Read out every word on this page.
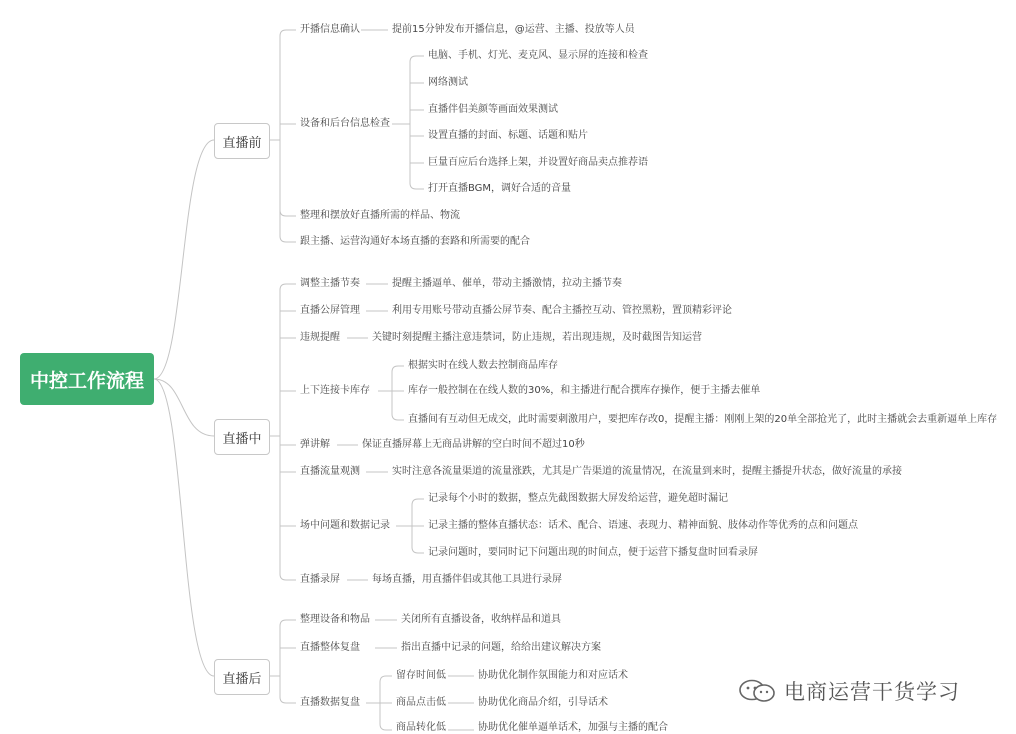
中控工作流程
直播前
直播中
直播后
开播信息确认	提前15分钟发布开播信息，@运营、主播、投放等人员
设备和后台信息检查
电脑、手机、灯光、麦克风、显示屏的连接和检查
网络测试
直播伴侣美颜等画面效果测试
设置直播的封面、标题、话题和贴片
巨量百应后台选择上架，并设置好商品卖点推荐语
打开直播BGM，调好合适的音量
整理和摆放好直播所需的样品、物流
跟主播、运营沟通好本场直播的套路和所需要的配合
调整主播节奏	提醒主播逼单、催单，带动主播激情，拉动主播节奏
直播公屏管理	利用专用账号带动直播公屏节奏、配合主播控互动、管控黑粉，置顶精彩评论
违规提醒	关键时刻提醒主播注意违禁词，防止违规，若出现违规，及时截图告知运营
上下连接卡库存
根据实时在线人数去控制商品库存
库存一般控制在在线人数的30%，和主播进行配合撰库存操作，便于主播去催单
直播间有互动但无成交，此时需要刺激用户，要把库存改0，提醒主播：刚刚上架的20单全部抢光了，此时主播就会去重新逼单上库存
弹讲解	保证直播屏幕上无商品讲解的空白时间不超过10秒
直播流量观测	实时注意各流量渠道的流量涨跌，尤其是广告渠道的流量情况，在流量到来时，提醒主播提升状态，做好流量的承接
场中问题和数据记录
记录每个小时的数据，整点先截图数据大屏发给运营，避免超时漏记
记录主播的整体直播状态：话术、配合、语速、表现力、精神面貌、肢体动作等优秀的点和问题点
记录问题时，要同时记下问题出现的时间点，便于运营下播复盘时回看录屏
直播录屏	每场直播，用直播伴侣或其他工具进行录屏
整理设备和物品	关闭所有直播设备，收纳样品和道具
直播整体复盘	指出直播中记录的问题，给给出建议解决方案
直播数据复盘
留存时间低	协助优化制作氛围能力和对应话术
商品点击低	协助优化商品介绍，引导话术
商品转化低	协助优化催单逼单话术，加强与主播的配合
电商运营干货学习
